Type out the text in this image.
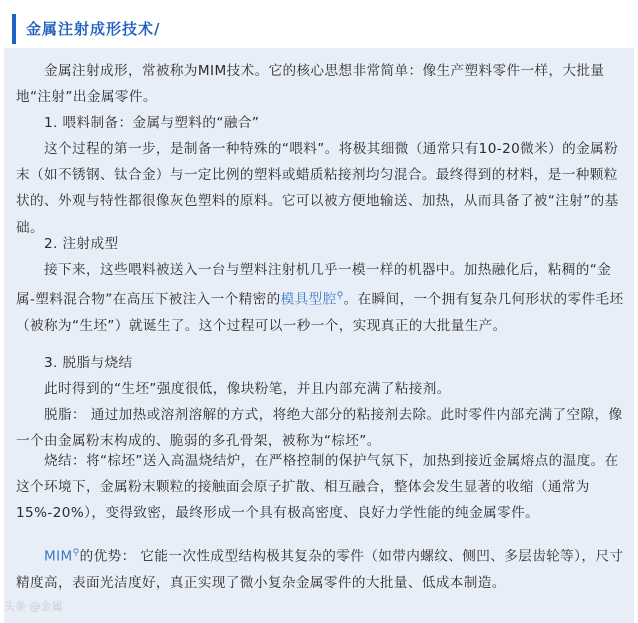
金属注射成形技术/

　　金属注射成形，常被称为MIM技术。它的核心思想非常简单：像生产塑料零件一样，大批量地“注射”出金属零件。

　　1. 喂料制备：金属与塑料的“融合”

　　这个过程的第一步，是制备一种特殊的“喂料”。将极其细微（通常只有10-20微米）的金属粉末（如不锈钢、钛合金）与一定比例的塑料或蜡质粘接剂均匀混合。最终得到的材料，是一种颗粒状的、外观与特性都很像灰色塑料的原料。它可以被方便地输送、加热，从而具备了被“注射”的基础。

　　2. 注射成型

　　接下来，这些喂料被送入一台与塑料注射机几乎一模一样的机器中。加热融化后，粘稠的“金属-塑料混合物”在高压下被注入一个精密的模具型腔⚲。在瞬间，一个拥有复杂几何形状的零件毛坯（被称为“生坯”）就诞生了。这个过程可以一秒一个，实现真正的大批量生产。

　　3. 脱脂与烧结

　　此时得到的“生坯”强度很低，像块粉笔，并且内部充满了粘接剂。

　　脱脂： 通过加热或溶剂溶解的方式，将绝大部分的粘接剂去除。此时零件内部充满了空隙，像一个由金属粉末构成的、脆弱的多孔骨架，被称为“棕坯”。

　　烧结：将“棕坯”送入高温烧结炉，在严格控制的保护气氛下，加热到接近金属熔点的温度。在这个环境下，金属粉末颗粒的接触面会原子扩散、相互融合，整体会发生显著的收缩（通常为15%-20%），变得致密，最终形成一个具有极高密度、良好力学性能的纯金属零件。

　　MIM⚲的优势： 它能一次性成型结构极其复杂的零件（如带内螺纹、侧凹、多层齿轮等），尺寸精度高，表面光洁度好，真正实现了微小复杂金属零件的大批量、低成本制造。

头条 @金属
